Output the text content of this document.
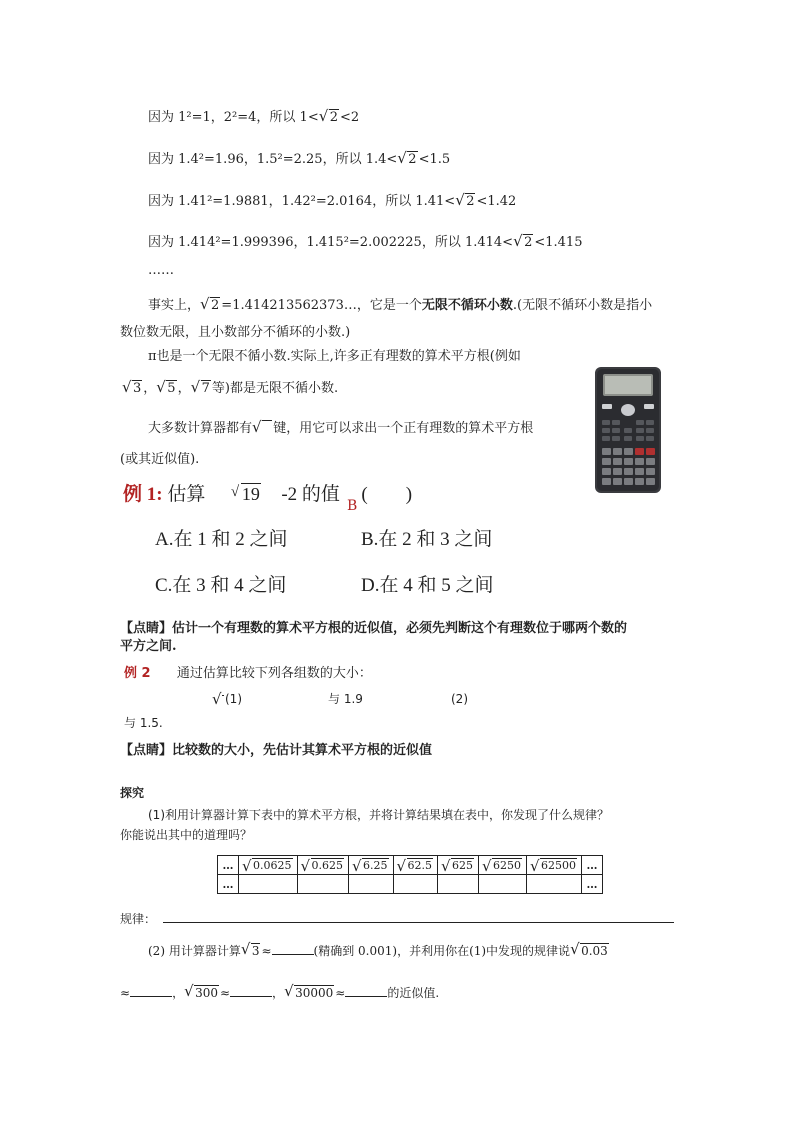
因为 1²=1，2²=4，所以 1< √ 2 <2
因为 1.4²=1.96，1.5²=2.25，所以 1.4< √ 2 <1.5
因为 1.41²=1.9881，1.42²=2.0164，所以 1.41< √ 2 <1.42
因为 1.414²=1.999396，1.415²=2.002225，所以 1.414< √ 2 <1.415
……
事实上， √ 2 =1.414213562373…，它是一个无限不循环小数.(无限不循环小数是指小
数位数无限，且小数部分不循环的小数.)
π也是一个无限不循小数.实际上,许多正有理数的算术平方根(例如
√ 3 ， √ 5 ， √ 7 等)都是无限不循小数.
大多数计算器都有 √ 键，用它可以求出一个正有理数的算术平方根
(或其近似值).
例 1: 估算 √ 19 -2 的值 (　　)
B
A.在 1 和 2 之间	B.在 2 和 3 之间
C.在 3 和 4 之间	D.在 4 和 5 之间
【点睛】估计一个有理数的算术平方根的近似值，必须先判断这个有理数位于哪两个数的
平方之间.
例 2 通过估算比较下列各组数的大小：
√(1)	与 1.9	(2)
与 1.5.
【点睛】比较数的大小，先估计其算术平方根的近似值
探究
(1)利用计算器计算下表中的算术平方根，并将计算结果填在表中，你发现了什么规律？
你能说出其中的道理吗？
…	√ 0.0625	√ 0.625	√ 6.25	√ 62.5	√ 625	√ 6250	√ 62500	…
…								…
规律：
(2) 用计算器计算 √ 3 ≈	(精确到 0.001)，并利用你在(1)中发现的规律说 √ 0.03
≈	， √ 300 ≈	， √ 30000 ≈	的近似值.
